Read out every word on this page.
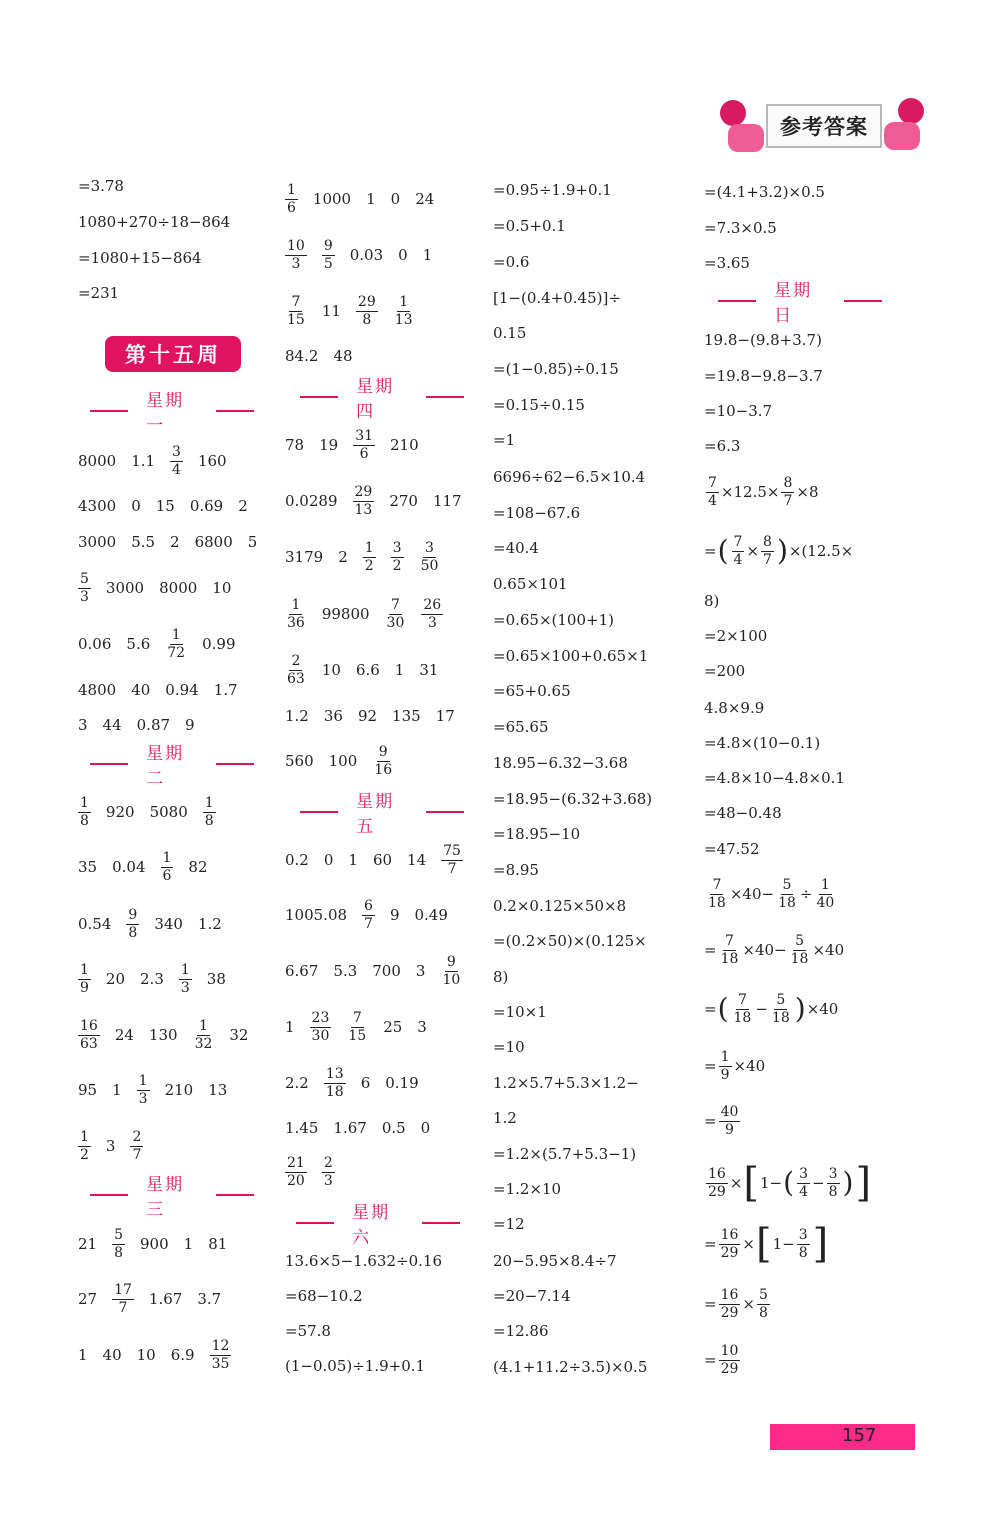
参考答案
=3.78
1080+270÷18−864
=1080+15−864
=231
8000 $1.1 \frac{3}{4} 160$
4300 0 15 0.69 2
3000 5.5 2 6800 5
$\frac{5}{3} 3000$ 8000 10
0.06 $5.6 \frac{1}{72} 0.99$
4800 40 0.94 1.7
3 44 0.87 9
$\frac{1}{8} 920$ $5080 \frac{1}{8}$
35 $0.04 \frac{1}{6} 82$
$0.54 \frac{9}{8} 340$ 1.2
$\frac{1}{9} 20$ $2.3 \frac{1}{3} 38$
$\frac{16}{63} 24$ $130 \frac{1}{32} 32$
95 $1 \frac{1}{3} 210$ 13
$\frac{1}{2} 3 \frac{2}{7}$
$21 \frac{5}{8} 900$ 1 81
$27 \frac{17}{7} 1.67$ 3.7
1 40 10 $6.9 \frac{12}{35}$
第十五周
星期一
星期二
星期三
$\frac{1}{6} 1000$ 1 0 24
$\frac{10}{3} \frac{9}{5} 0.03$ 0 1
$\frac{7}{15} 11 \frac{29}{8} \frac{1}{13}$
84.2 48
78 $19 \frac{31}{6} 210$
$0.0289 \frac{29}{13} 270$ 117
3179 $2 \frac{1}{2} \frac{3}{2} \frac{3}{50}$
$\frac{1}{36} 99800 \frac{7}{30} \frac{26}{3}$
$\frac{2}{63} 10$ 6.6 1 31
1.2 36 92 135 17
560 $100 \frac{9}{16}$
0.2 0 1 60 $14 \frac{75}{7}$
$1005.08 \frac{6}{7} 9$ 0.49
6.67 5.3 700 $3 \frac{9}{10}$
$1 \frac{23}{30} \frac{7}{15} 25$ 3
$2.2 \frac{13}{18} 6$ 0.19
1.45 1.67 0.5 0
$\frac{21}{20} \frac{2}{3}$
13.6×5−1.632÷0.16
=68−10.2
=57.8
(1−0.05)÷1.9+0.1
星期四
星期五
星期六
=0.95÷1.9+0.1
=0.5+0.1
=0.6
[1−(0.4+0.45)]÷
0.15
=(1−0.85)÷0.15
=0.15÷0.15
=1
6696÷62−6.5×10.4
=108−67.6
=40.4
0.65×101
=0.65×(100+1)
=0.65×100+0.65×1
=65+0.65
=65.65
18.95−6.32−3.68
=18.95−(6.32+3.68)
=18.95−10
=8.95
0.2×0.125×50×8
=(0.2×50)×(0.125×
8)
=10×1
=10
1.2×5.7+5.3×1.2−
1.2
=1.2×(5.7+5.3−1)
=1.2×10
=12
20−5.95×8.4÷7
=20−7.14
=12.86
(4.1+11.2÷3.5)×0.5
=(4.1+3.2)×0.5
=7.3×0.5
=3.65
19.8−(9.8+3.7)
=19.8−9.8−3.7
=10−3.7
=6.3
$\frac{7}{4} \times 12.5\times \frac{8}{7} \times 8$
= ( $\frac{7}{4} \times \frac{8}{7}$ ) ×(12.5×
8)
=2×100
=200
4.8×9.9
=4.8×(10−0.1)
=4.8×10−4.8×0.1
=48−0.48
=47.52
$\frac{7}{18} \times 40- \frac{5}{18} \div \frac{1}{40}$
= $\frac{7}{18} \times 40- \frac{5}{18} \times 40$
= ( $\frac{7}{18} - \frac{5}{18}$ ) ×40
= $\frac{1}{9} \times 40$
= $\frac{40}{9}$
$\frac{16}{29}$ × [ 1− ( $\frac{3}{4} - \frac{3}{8}$ ) ]
= $\frac{16}{29}$ × [ $1- \frac{3}{8}$ ]
= $\frac{16}{29} \times \frac{5}{8}$
= $\frac{10}{29}$
星期日
157
